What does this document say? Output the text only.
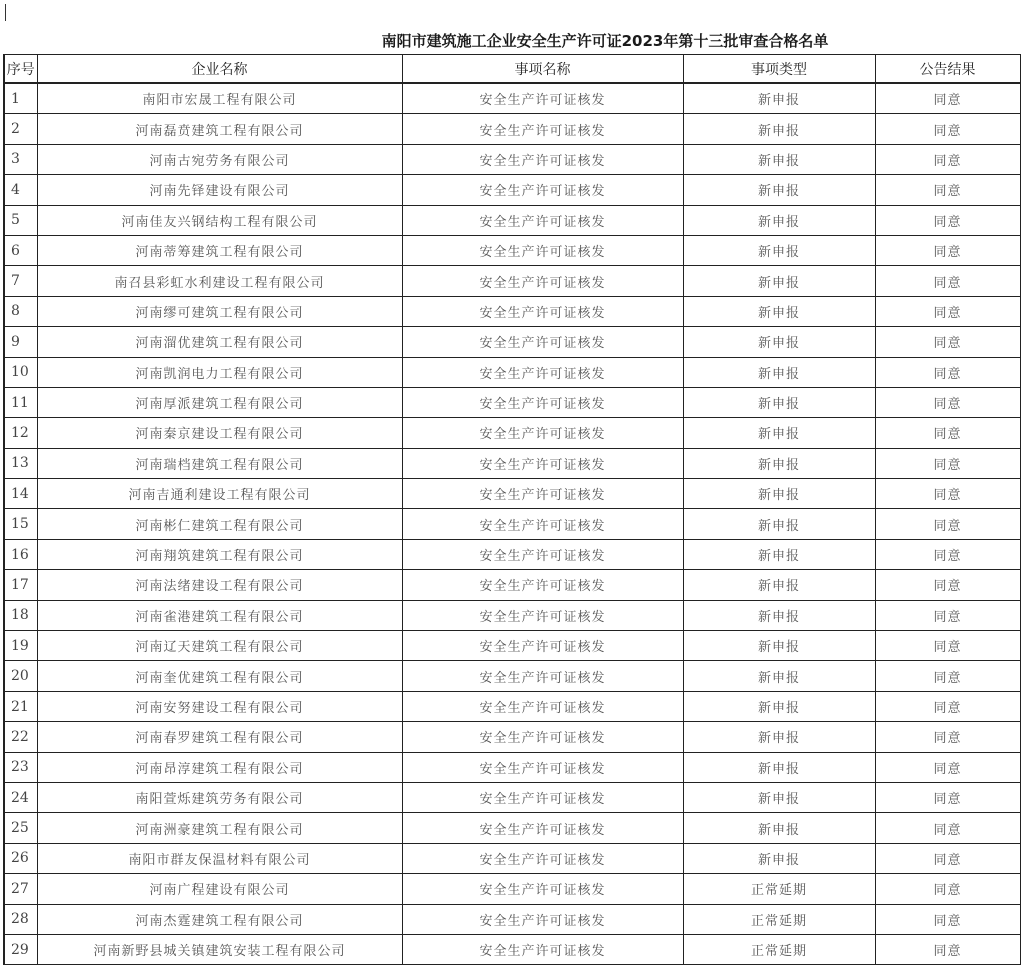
南阳市建筑施工企业安全生产许可证2023年第十三批审查合格名单
序号	企业名称	事项名称	事项类型	公告结果
1	南阳市宏晟工程有限公司	安全生产许可证核发	新申报	同意
2	河南磊贲建筑工程有限公司	安全生产许可证核发	新申报	同意
3	河南古宛劳务有限公司	安全生产许可证核发	新申报	同意
4	河南先铎建设有限公司	安全生产许可证核发	新申报	同意
5	河南佳友兴钢结构工程有限公司	安全生产许可证核发	新申报	同意
6	河南蒂筹建筑工程有限公司	安全生产许可证核发	新申报	同意
7	南召县彩虹水利建设工程有限公司	安全生产许可证核发	新申报	同意
8	河南缪可建筑工程有限公司	安全生产许可证核发	新申报	同意
9	河南溜优建筑工程有限公司	安全生产许可证核发	新申报	同意
10	河南凯润电力工程有限公司	安全生产许可证核发	新申报	同意
11	河南厚派建筑工程有限公司	安全生产许可证核发	新申报	同意
12	河南秦京建设工程有限公司	安全生产许可证核发	新申报	同意
13	河南瑞档建筑工程有限公司	安全生产许可证核发	新申报	同意
14	河南吉通利建设工程有限公司	安全生产许可证核发	新申报	同意
15	河南彬仁建筑工程有限公司	安全生产许可证核发	新申报	同意
16	河南翔筑建筑工程有限公司	安全生产许可证核发	新申报	同意
17	河南法绪建设工程有限公司	安全生产许可证核发	新申报	同意
18	河南雀港建筑工程有限公司	安全生产许可证核发	新申报	同意
19	河南辽天建筑工程有限公司	安全生产许可证核发	新申报	同意
20	河南奎优建筑工程有限公司	安全生产许可证核发	新申报	同意
21	河南安努建设工程有限公司	安全生产许可证核发	新申报	同意
22	河南春罗建筑工程有限公司	安全生产许可证核发	新申报	同意
23	河南昂淳建筑工程有限公司	安全生产许可证核发	新申报	同意
24	南阳萱烁建筑劳务有限公司	安全生产许可证核发	新申报	同意
25	河南洲豪建筑工程有限公司	安全生产许可证核发	新申报	同意
26	南阳市群友保温材料有限公司	安全生产许可证核发	新申报	同意
27	河南广程建设有限公司	安全生产许可证核发	正常延期	同意
28	河南杰霆建筑工程有限公司	安全生产许可证核发	正常延期	同意
29	河南新野县城关镇建筑安装工程有限公司	安全生产许可证核发	正常延期	同意
